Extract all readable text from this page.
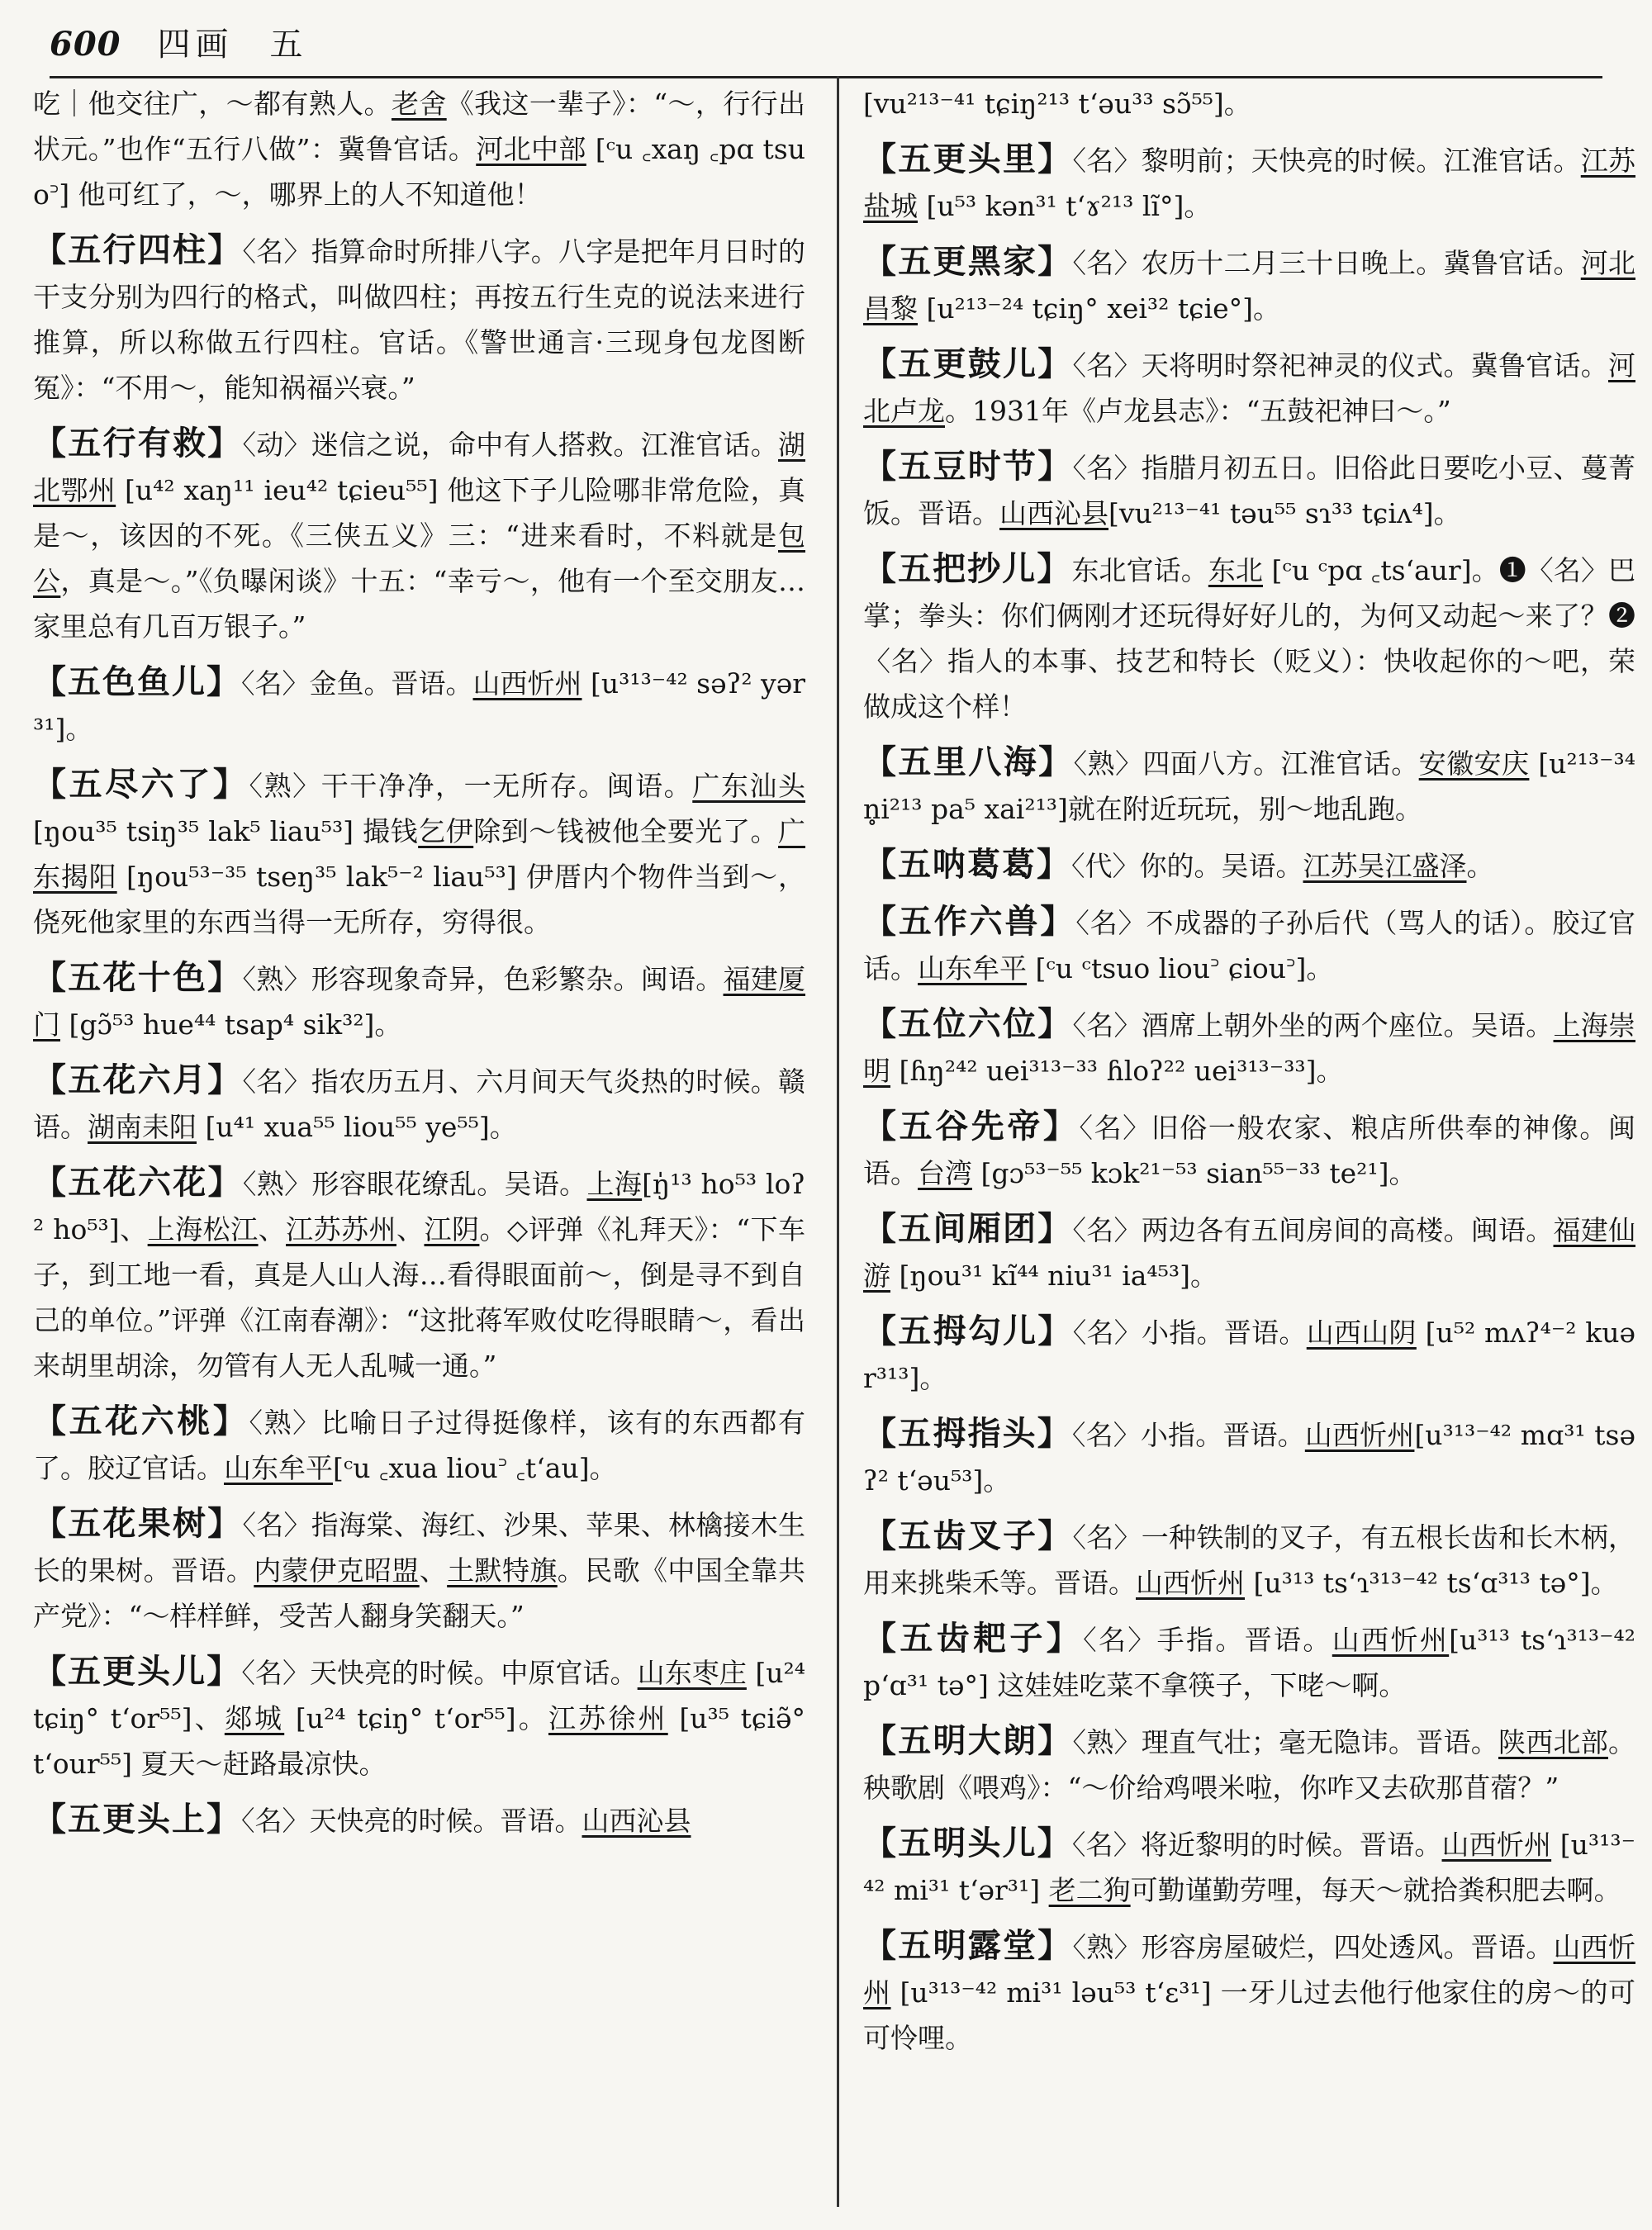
600 四画 五

吃｜他交往广，～都有熟人。老舍《我这一辈子》：“～，行行出状元。”也作“五行八做”：冀鲁官话。河北中部 [ᶜu ꜀xaŋ ꜀pɑ tsuo꜄] 他可红了，～，哪界上的人不知道他！

【五行四柱】〈名〉指算命时所排八字。八字是把年月日时的干支分别为四行的格式，叫做四柱；再按五行生克的说法来进行推算，所以称做五行四柱。官话。《警世通言·三现身包龙图断冤》：“不用～，能知祸福兴衰。”

【五行有救】〈动〉迷信之说，命中有人搭救。江淮官话。湖北鄂州 [u⁴² xaŋ¹¹ ieu⁴² tɕieu⁵⁵] 他这下子儿险哪非常危险，真是～，该因的不死。《三侠五义》三：“进来看时，不料就是包公，真是～。”《负曝闲谈》十五：“幸亏～，他有一个至交朋友…家里总有几百万银子。”

【五色鱼儿】〈名〉金鱼。晋语。山西忻州 [u³¹³⁻⁴² səʔ² yər³¹]。

【五尽六了】〈熟〉干干净净，一无所存。闽语。广东汕头 [ŋou³⁵ tsiŋ³⁵ lak⁵ liau⁵³] 撮钱乞伊除到～钱被他全要光了。广东揭阳 [ŋou⁵³⁻³⁵ tseŋ³⁵ lak⁵⁻² liau⁵³] 伊厝内个物件当到～，侥死他家里的东西当得一无所存，穷得很。

【五花十色】〈熟〉形容现象奇异，色彩繁杂。闽语。福建厦门 [gɔ̃⁵³ hue⁴⁴ tsap⁴ sik³²]。

【五花六月】〈名〉指农历五月、六月间天气炎热的时候。赣语。湖南耒阳 [u⁴¹ xua⁵⁵ liou⁵⁵ ye⁵⁵]。

【五花六花】〈熟〉形容眼花缭乱。吴语。上海[ŋ̍¹³ ho⁵³ loʔ² ho⁵³]、上海松江、江苏苏州、江阴。◇评弹《礼拜天》：“下车子，到工地一看，真是人山人海…看得眼面前～，倒是寻不到自己的单位。”评弹《江南春潮》：“这批蒋军败仗吃得眼睛～，看出来胡里胡涂，勿管有人无人乱喊一通。”

【五花六桃】〈熟〉比喻日子过得挺像样，该有的东西都有了。胶辽官话。山东牟平[ᶜu ꜀xua liou꜄ ꜀t‘au]。

【五花果树】〈名〉指海棠、海红、沙果、苹果、林檎接木生长的果树。晋语。内蒙伊克昭盟、土默特旗。民歌《中国全靠共产党》：“～样样鲜，受苦人翻身笑翻天。”

【五更头儿】〈名〉天快亮的时候。中原官话。山东枣庄 [u²⁴ tɕiŋ° t‘or⁵⁵]、郯城 [u²⁴ tɕiŋ° t‘or⁵⁵]。江苏徐州 [u³⁵ tɕiə̃° t‘our⁵⁵] 夏天～赶路最凉快。

【五更头上】〈名〉天快亮的时候。晋语。山西沁县

[vu²¹³⁻⁴¹ tɕiŋ²¹³ t‘əu³³ sɔ̃⁵⁵]。

【五更头里】〈名〉黎明前；天快亮的时候。江淮官话。江苏盐城 [u⁵³ kən³¹ t‘ɤ²¹³ lĩ°]。

【五更黑家】〈名〉农历十二月三十日晚上。冀鲁官话。河北昌黎 [u²¹³⁻²⁴ tɕiŋ° xei³² tɕie°]。

【五更鼓儿】〈名〉天将明时祭祀神灵的仪式。冀鲁官话。河北卢龙。1931年《卢龙县志》：“五鼓祀神曰～。”

【五豆时节】〈名〉指腊月初五日。旧俗此日要吃小豆、蔓菁饭。晋语。山西沁县[vu²¹³⁻⁴¹ təu⁵⁵ sɿ³³ tɕiʌ⁴]。

【五把抄儿】东北官话。东北 [ᶜu ᶜpɑ ꜀ts‘aur]。❶〈名〉巴掌；拳头：你们俩刚才还玩得好好儿的，为何又动起～来了？❷〈名〉指人的本事、技艺和特长（贬义）：快收起你的～吧，荣做成这个样！

【五里八海】〈熟〉四面八方。江淮官话。安徽安庆 [u²¹³⁻³⁴ n̥i²¹³ pa⁵ xai²¹³]就在附近玩玩，别～地乱跑。

【五呐葛葛】〈代〉你的。吴语。江苏吴江盛泽。

【五作六兽】〈名〉不成器的子孙后代（骂人的话）。胶辽官话。山东牟平 [ᶜu ᶜtsuo liou꜄ ɕiou꜄]。

【五位六位】〈名〉酒席上朝外坐的两个座位。吴语。上海崇明 [ɦŋ²⁴² uei³¹³⁻³³ ɦloʔ²² uei³¹³⁻³³]。

【五谷先帝】〈名〉旧俗一般农家、粮店所供奉的神像。闽语。台湾 [gɔ⁵³⁻⁵⁵ kɔk²¹⁻⁵³ sian⁵⁵⁻³³ te²¹]。

【五间厢团】〈名〉两边各有五间房间的高楼。闽语。福建仙游 [ŋou³¹ kĩ⁴⁴ niu³¹ ia⁴⁵³]。

【五拇勾儿】〈名〉小指。晋语。山西山阴 [u⁵² mʌʔ⁴⁻² kuər³¹³]。

【五拇指头】〈名〉小指。晋语。山西忻州[u³¹³⁻⁴² mɑ³¹ tsəʔ² t‘əu⁵³]。

【五齿叉子】〈名〉一种铁制的叉子，有五根长齿和长木柄，用来挑柴禾等。晋语。山西忻州 [u³¹³ ts‘ɿ³¹³⁻⁴² ts‘ɑ³¹³ tə°]。

【五齿耙子】〈名〉手指。晋语。山西忻州[u³¹³ ts‘ɿ³¹³⁻⁴² p‘ɑ³¹ tə°] 这娃娃吃菜不拿筷子，下咾～啊。

【五明大朗】〈熟〉理直气壮；毫无隐讳。晋语。陕西北部。秧歌剧《喂鸡》：“～价给鸡喂米啦，你咋又去砍那苜蓿？”

【五明头儿】〈名〉将近黎明的时候。晋语。山西忻州 [u³¹³⁻⁴² mi³¹ t‘ər³¹] 老二狗可勤谨勤劳哩，每天～就拾粪积肥去啊。

【五明露堂】〈熟〉形容房屋破烂，四处透风。晋语。山西忻州 [u³¹³⁻⁴² mi³¹ ləu⁵³ t‘ɛ³¹] 一牙儿过去他行他家住的房～的可可怜哩。
